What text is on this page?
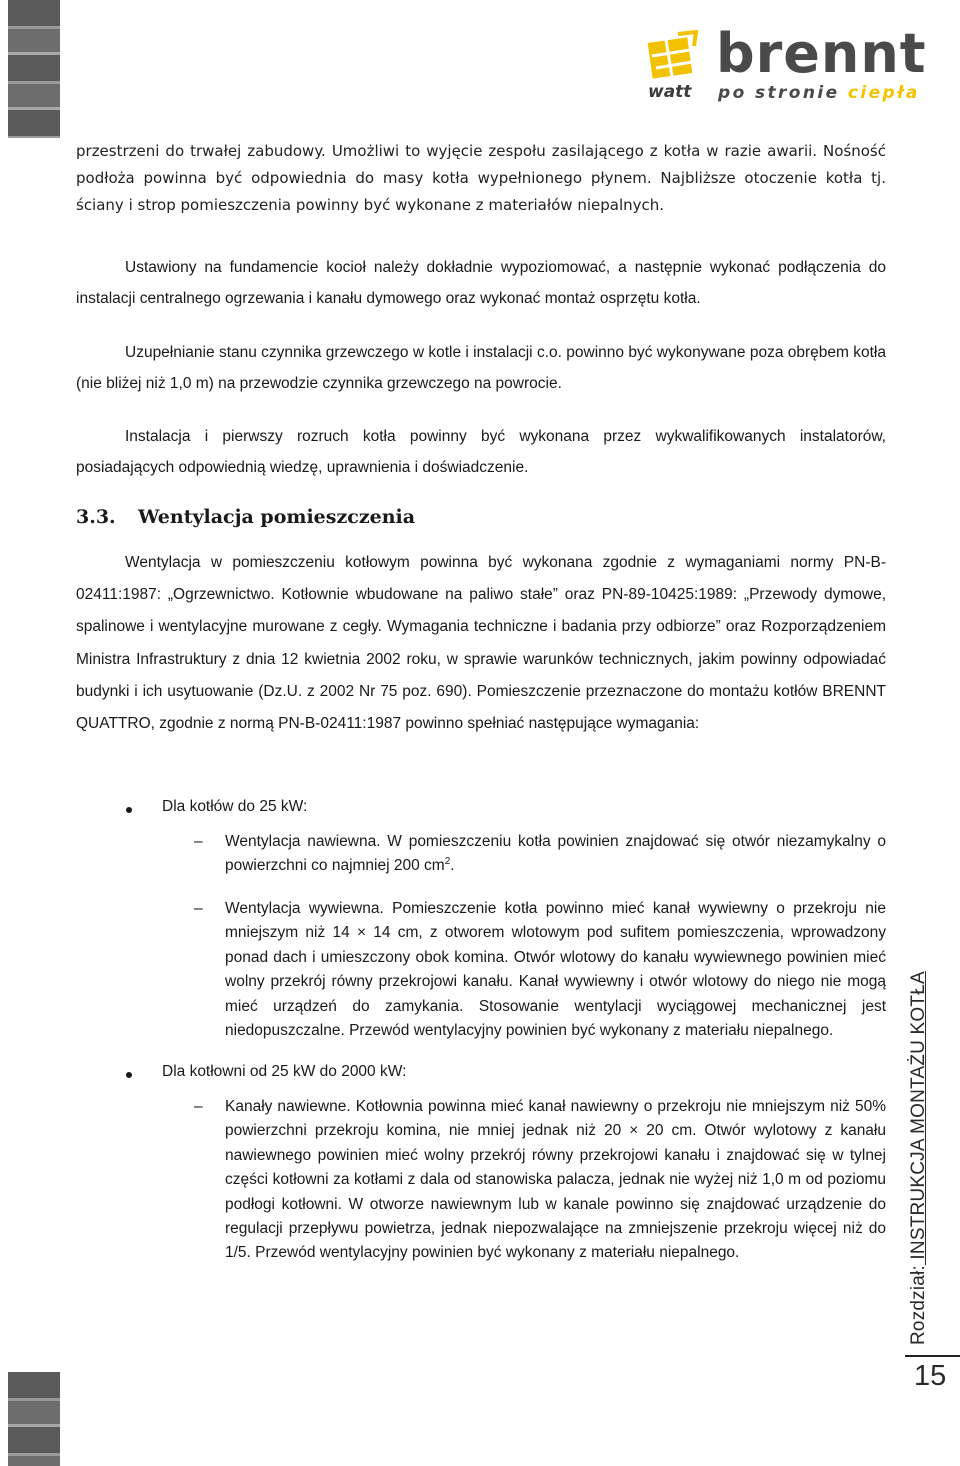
brennt
watt po stronie ciepła

przestrzeni do trwałej zabudowy. Umożliwi to wyjęcie zespołu zasilającego z kotła w razie awarii. Nośność podłoża powinna być odpowiednia do masy kotła wypełnionego płynem. Najbliższe otoczenie kotła tj. ściany i strop pomieszczenia powinny być wykonane z materiałów niepalnych.

Ustawiony na fundamencie kocioł należy dokładnie wypoziomować, a następnie wykonać podłączenia do instalacji centralnego ogrzewania i kanału dymowego oraz wykonać montaż osprzętu kotła.

Uzupełnianie stanu czynnika grzewczego w kotle i instalacji c.o. powinno być wykonywane poza obrębem kotła (nie bliżej niż 1,0 m) na przewodzie czynnika grzewczego na powrocie.

Instalacja i pierwszy rozruch kotła powinny być wykonana przez wykwalifikowanych instalatorów, posiadających odpowiednią wiedzę, uprawnienia i doświadczenie.

3.3. Wentylacja pomieszczenia

Wentylacja w pomieszczeniu kotłowym powinna być wykonana zgodnie z wymaganiami normy PN-B-02411:1987: „Ogrzewnictwo. Kotłownie wbudowane na paliwo stałe” oraz PN-89-10425:1989: „Przewody dymowe, spalinowe i wentylacyjne murowane z cegły. Wymagania techniczne i badania przy odbiorze” oraz Rozporządzeniem Ministra Infrastruktury z dnia 12 kwietnia 2002 roku, w sprawie warunków technicznych, jakim powinny odpowiadać budynki i ich usytuowanie (Dz.U. z 2002 Nr 75 poz. 690). Pomieszczenie przeznaczone do montażu kotłów BRENNT QUATTRO, zgodnie z normą PN-B-02411:1987 powinno spełniać następujące wymagania:

Dla kotłów do 25 kW:
– Wentylacja nawiewna. W pomieszczeniu kotła powinien znajdować się otwór niezamykalny o powierzchni co najmniej 200 $cm^2$.
– Wentylacja wywiewna. Pomieszczenie kotła powinno mieć kanał wywiewny o przekroju nie mniejszym niż 14 × 14 cm, z otworem wlotowym pod sufitem pomieszczenia, wprowadzony ponad dach i umieszczony obok komina. Otwór wlotowy do kanału wywiewnego powinien mieć wolny przekrój równy przekrojowi kanału. Kanał wywiewny i otwór wlotowy do niego nie mogą mieć urządzeń do zamykania. Stosowanie wentylacji wyciągowej mechanicznej jest niedopuszczalne. Przewód wentylacyjny powinien być wykonany z materiału niepalnego.
Dla kotłowni od 25 kW do 2000 kW:
– Kanały nawiewne. Kotłownia powinna mieć kanał nawiewny o przekroju nie mniejszym niż 50% powierzchni przekroju komina, nie mniej jednak niż 20 × 20 cm. Otwór wylotowy z kanału nawiewnego powinien mieć wolny przekrój równy przekrojowi kanału i znajdować się w tylnej części kotłowni za kotłami z dala od stanowiska palacza, jednak nie wyżej niż 1,0 m od poziomu podłogi kotłowni. W otworze nawiewnym lub w kanale powinno się znajdować urządzenie do regulacji przepływu powietrza, jednak niepozwalające na zmniejszenie przekroju więcej niż do 1/5. Przewód wentylacyjny powinien być wykonany z materiału niepalnego.
Rozdział: INSTRUKCJA MONTAŻU KOTŁA
15
